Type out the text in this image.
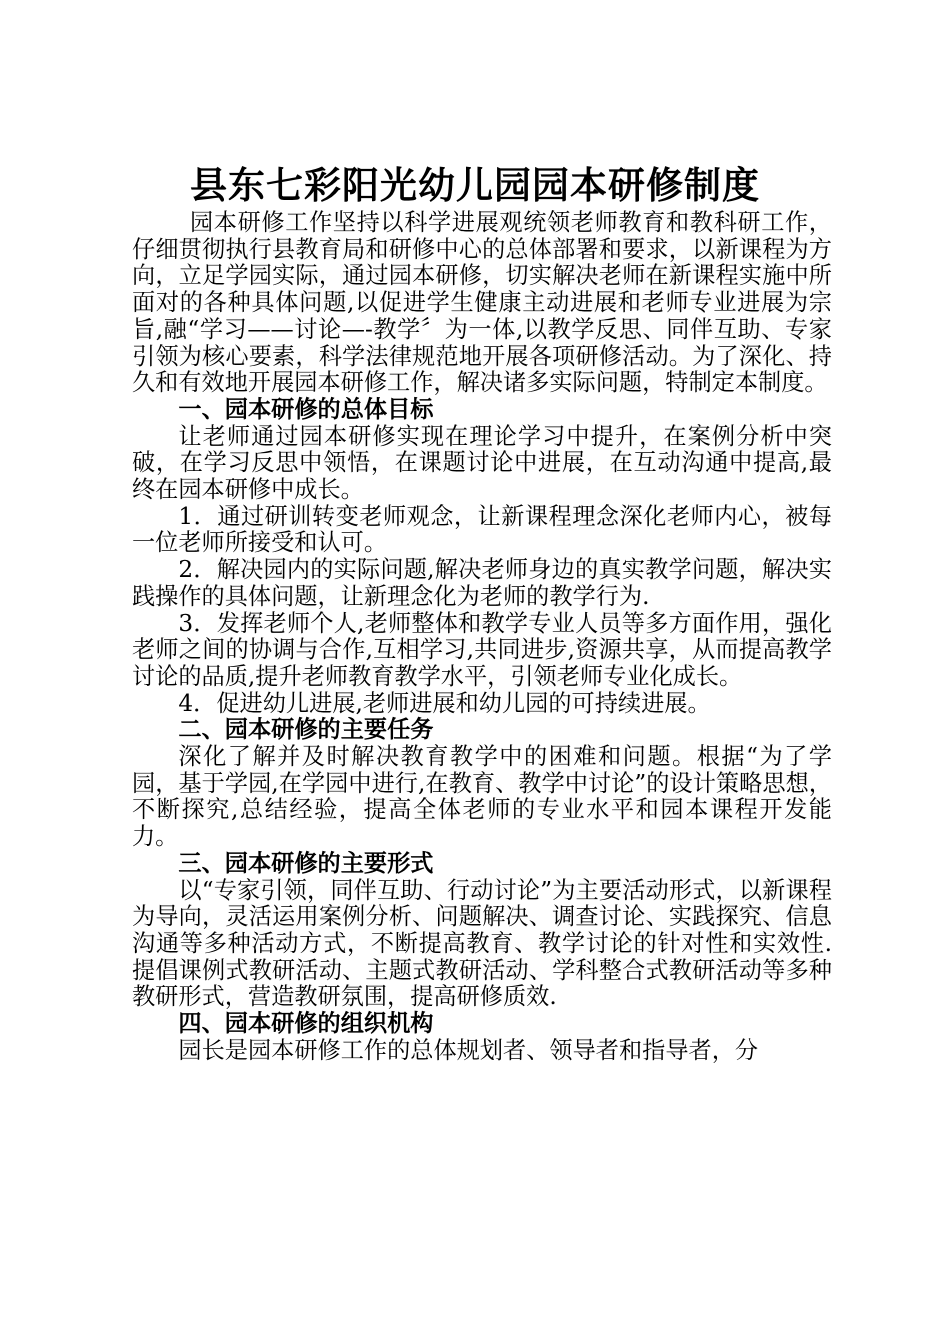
县东七彩阳光幼儿园园本研修制度

园本研修工作坚持以科学进展观统领老师教育和教科研工作，仔细贯彻执行县教育局和研修中心的总体部署和要求，以新课程为方向，立足学园实际，通过园本研修，切实解决老师在新课程实施中所面对的各种具体问题,以促进学生健康主动进展和老师专业进展为宗旨,融“学习——讨论—-教学〞为一体,以教学反思、同伴互助、专家引领为核心要素，科学法律规范地开展各项研修活动。为了深化、持久和有效地开展园本研修工作，解决诸多实际问题，特制定本制度。

一、园本研修的总体目标

让老师通过园本研修实现在理论学习中提升，在案例分析中突破，在学习反思中领悟，在课题讨论中进展，在互动沟通中提高,最终在园本研修中成长。

1．通过研训转变老师观念，让新课程理念深化老师内心，被每一位老师所接受和认可。

2．解决园内的实际问题,解决老师身边的真实教学问题，解决实践操作的具体问题，让新理念化为老师的教学行为.

3．发挥老师个人,老师整体和教学专业人员等多方面作用，强化老师之间的协调与合作,互相学习,共同进步,资源共享，从而提高教学讨论的品质,提升老师教育教学水平，引领老师专业化成长。

4．促进幼儿进展,老师进展和幼儿园的可持续进展。

二、园本研修的主要任务

深化了解并及时解决教育教学中的困难和问题。根据“为了学园，基于学园,在学园中进行,在教育、教学中讨论”的设计策略思想，不断探究,总结经验，提高全体老师的专业水平和园本课程开发能力。

三、园本研修的主要形式

以“专家引领，同伴互助、行动讨论”为主要活动形式，以新课程为导向，灵活运用案例分析、问题解决、调查讨论、实践探究、信息沟通等多种活动方式，不断提高教育、教学讨论的针对性和实效性.提倡课例式教研活动、主题式教研活动、学科整合式教研活动等多种教研形式，营造教研氛围，提高研修质效.

四、园本研修的组织机构

园长是园本研修工作的总体规划者、领导者和指导者，分
